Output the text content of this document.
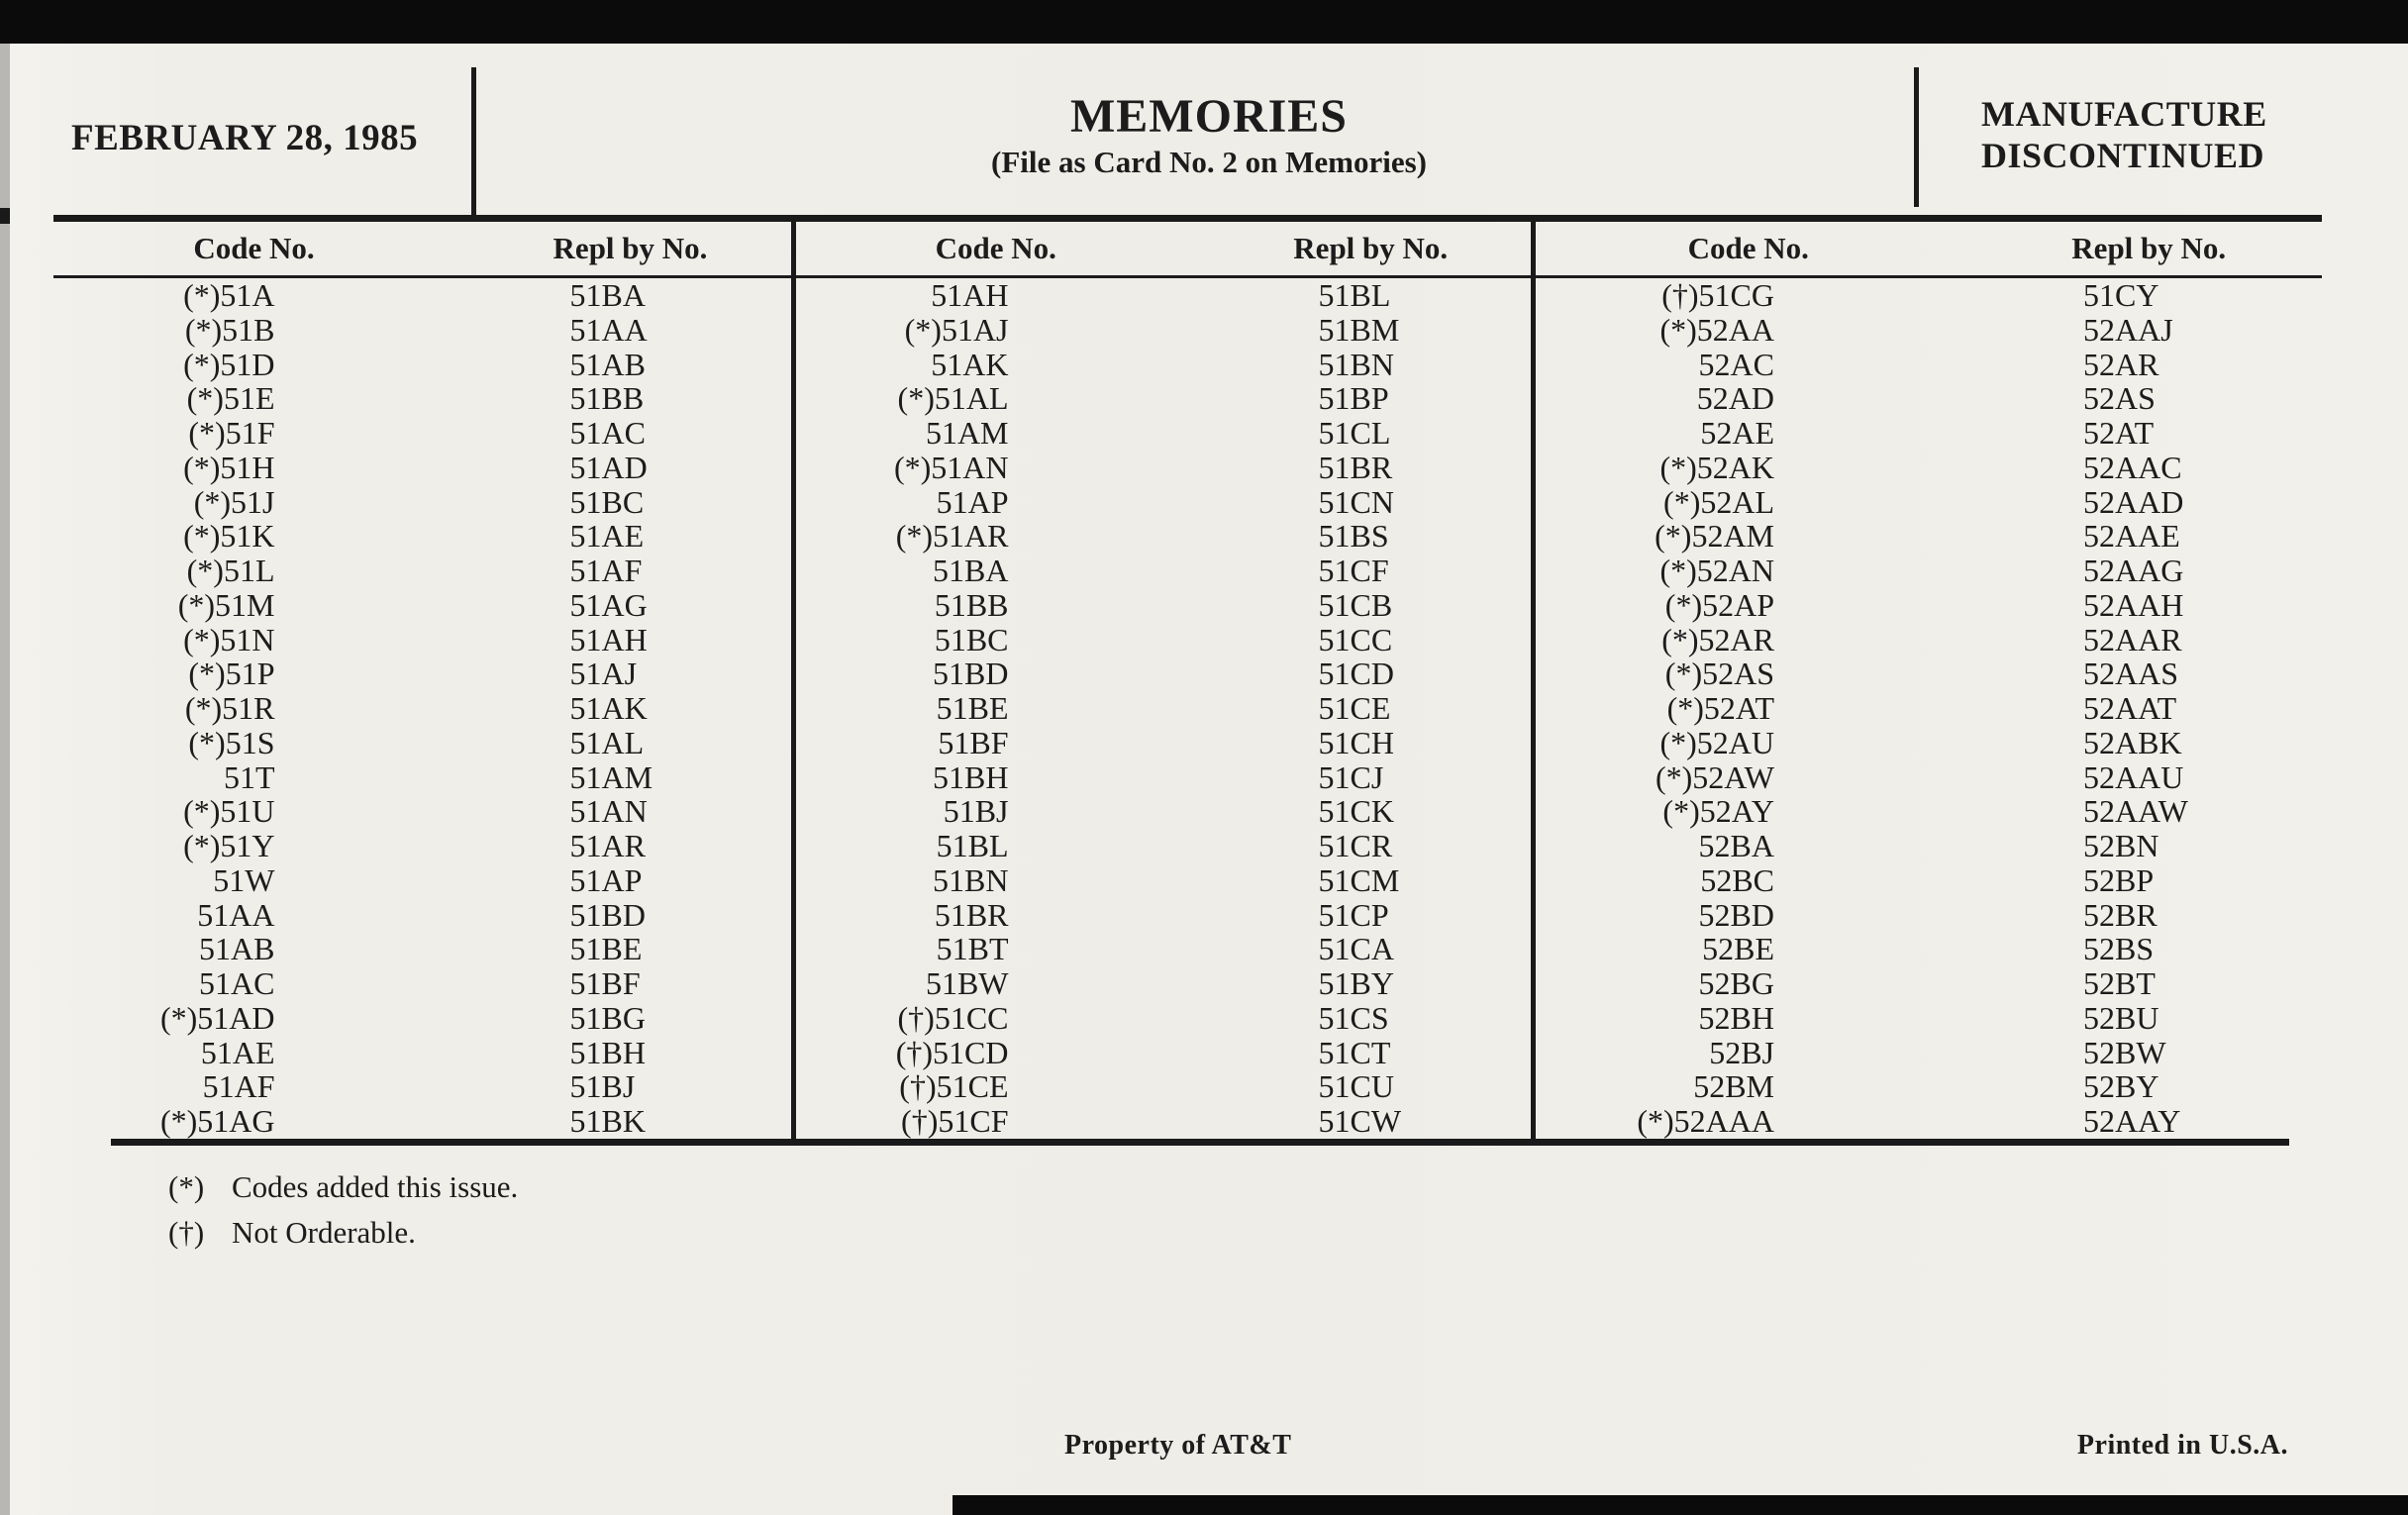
FEBRUARY 28, 1985	MEMORIES
(File as Card No. 2 on Memories)
MANUFACTURE
DISCONTINUED
Code No.	Repl by No.
(*)51A	51BA
(*)51B	51AA
(*)51D	51AB
(*)51E	51BB
(*)51F	51AC
(*)51H	51AD
(*)51J	51BC
(*)51K	51AE
(*)51L	51AF
(*)51M	51AG
(*)51N	51AH
(*)51P	51AJ
(*)51R	51AK
(*)51S	51AL
51T	51AM
(*)51U	51AN
(*)51Y	51AR
51W	51AP
51AA	51BD
51AB	51BE
51AC	51BF
(*)51AD	51BG
51AE	51BH
51AF	51BJ
(*)51AG	51BK
Code No.	Repl by No.
51AH	51BL
(*)51AJ	51BM
51AK	51BN
(*)51AL	51BP
51AM	51CL
(*)51AN	51BR
51AP	51CN
(*)51AR	51BS
51BA	51CF
51BB	51CB
51BC	51CC
51BD	51CD
51BE	51CE
51BF	51CH
51BH	51CJ
51BJ	51CK
51BL	51CR
51BN	51CM
51BR	51CP
51BT	51CA
51BW	51BY
(†)51CC	51CS
(†)51CD	51CT
(†)51CE	51CU
(†)51CF	51CW
Code No.	Repl by No.
(†)51CG	51CY
(*)52AA	52AAJ
52AC	52AR
52AD	52AS
52AE	52AT
(*)52AK	52AAC
(*)52AL	52AAD
(*)52AM	52AAE
(*)52AN	52AAG
(*)52AP	52AAH
(*)52AR	52AAR
(*)52AS	52AAS
(*)52AT	52AAT
(*)52AU	52ABK
(*)52AW	52AAU
(*)52AY	52AAW
52BA	52BN
52BC	52BP
52BD	52BR
52BE	52BS
52BG	52BT
52BH	52BU
52BJ	52BW
52BM	52BY
(*)52AAA	52AAY
(*) Codes added this issue.
(†) Not Orderable.
Property of AT&T	Printed in U.S.A.
